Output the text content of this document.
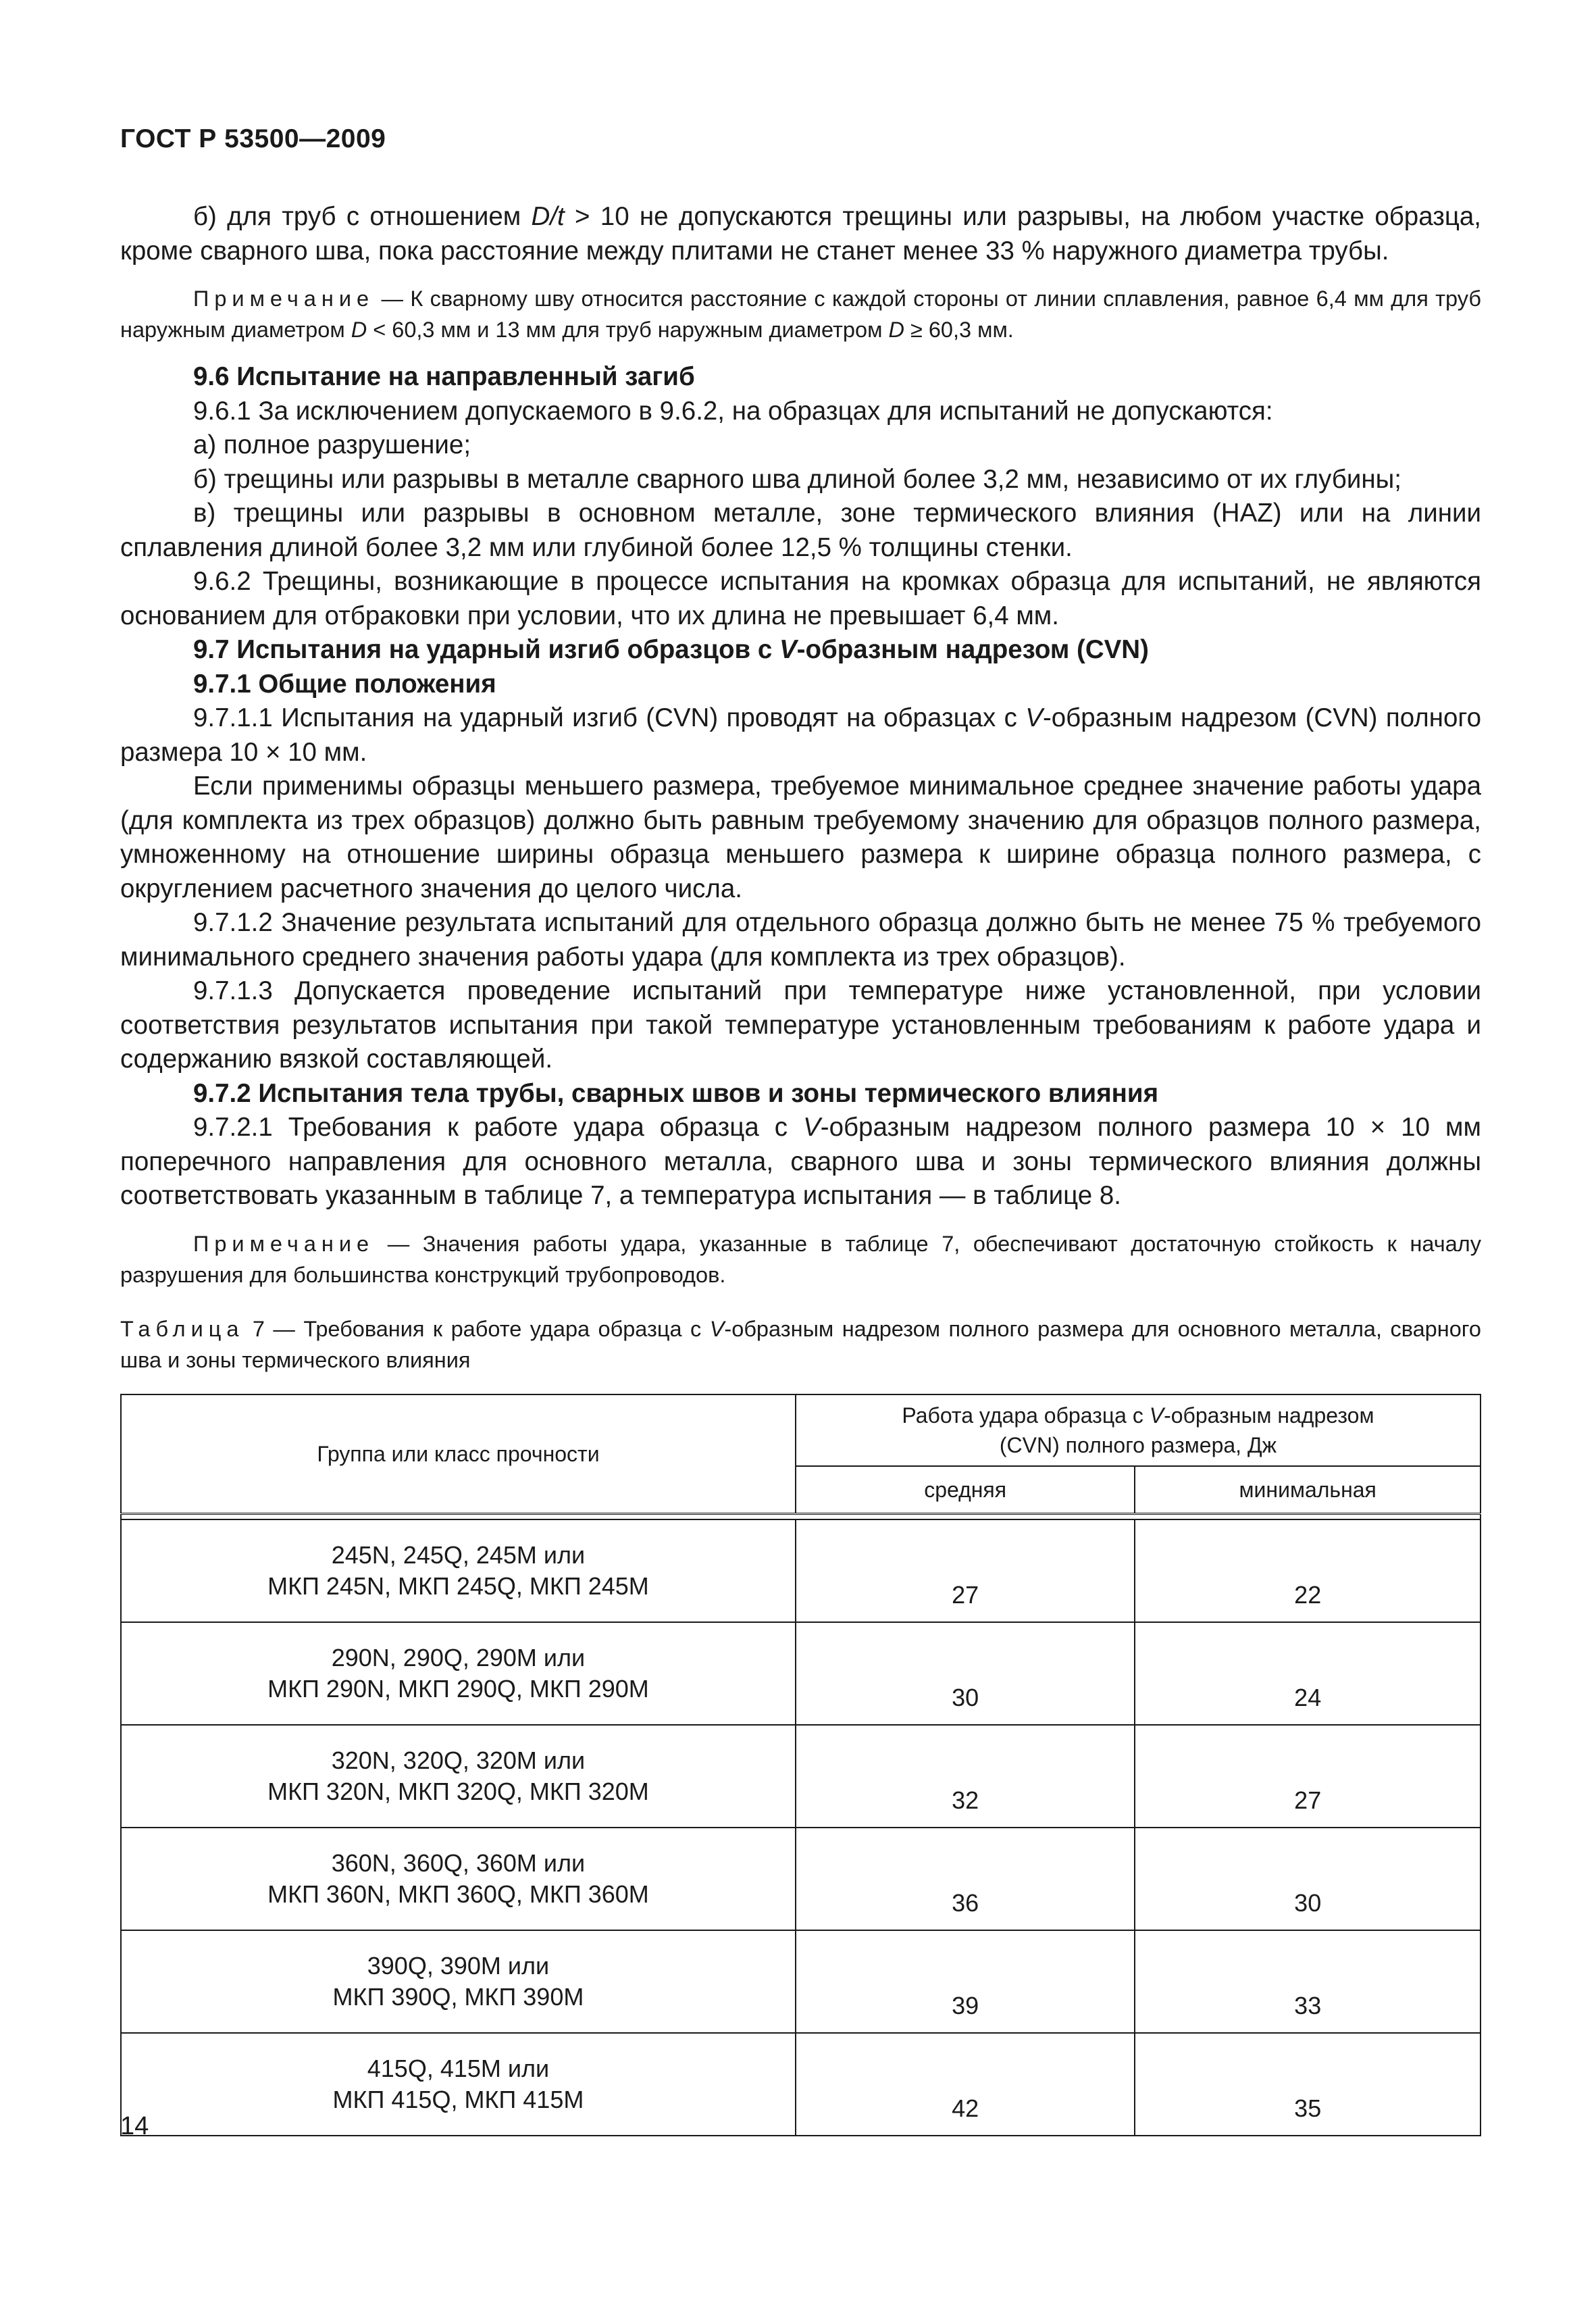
ГОСТ Р 53500—2009

б) для труб с отношением D/t > 10 не допускаются трещины или разрывы, на любом участке образца, кроме сварного шва, пока расстояние между плитами не станет менее 33 % наружного диаметра трубы.

Примечание — К сварному шву относится расстояние с каждой стороны от линии сплавления, равное 6,4 мм для труб наружным диаметром D < 60,3 мм и 13 мм для труб наружным диаметром D ≥ 60,3 мм.

9.6 Испытание на направленный загиб

9.6.1 За исключением допускаемого в 9.6.2, на образцах для испытаний не допускаются:

а) полное разрушение;

б) трещины или разрывы в металле сварного шва длиной более 3,2 мм, независимо от их глубины;

в) трещины или разрывы в основном металле, зоне термического влияния (HAZ) или на линии сплавления длиной более 3,2 мм или глубиной более 12,5 % толщины стенки.

9.6.2 Трещины, возникающие в процессе испытания на кромках образца для испытаний, не являются основанием для отбраковки при условии, что их длина не превышает 6,4 мм.

9.7 Испытания на ударный изгиб образцов с V-образным надрезом (CVN)

9.7.1 Общие положения

9.7.1.1 Испытания на ударный изгиб (CVN) проводят на образцах с V-образным надрезом (CVN) полного размера 10 × 10 мм.

Если применимы образцы меньшего размера, требуемое минимальное среднее значение работы удара (для комплекта из трех образцов) должно быть равным требуемому значению для образцов полного размера, умноженному на отношение ширины образца меньшего размера к ширине образца полного размера, с округлением расчетного значения до целого числа.

9.7.1.2 Значение результата испытаний для отдельного образца должно быть не менее 75 % требуемого минимального среднего значения работы удара (для комплекта из трех образцов).

9.7.1.3 Допускается проведение испытаний при температуре ниже установленной, при условии соответствия результатов испытания при такой температуре установленным требованиям к работе удара и содержанию вязкой составляющей.

9.7.2 Испытания тела трубы, сварных швов и зоны термического влияния

9.7.2.1 Требования к работе удара образца с V-образным надрезом полного размера 10 × 10 мм поперечного направления для основного металла, сварного шва и зоны термического влияния должны соответствовать указанным в таблице 7, а температура испытания — в таблице 8.

Примечание — Значения работы удара, указанные в таблице 7, обеспечивают достаточную стойкость к началу разрушения для большинства конструкций трубопроводов.

Таблица 7 — Требования к работе удара образца с V-образным надрезом полного размера для основного металла, сварного шва и зоны термического влияния
Группа или класс прочности	Работа удара образца с V-образным надрезом
(CVN) полного размера, Дж	
	средняя	минимальная

245N, 245Q, 245M или
МКП 245N, МКП 245Q, МКП 245M	27	22
290N, 290Q, 290M или
МКП 290N, МКП 290Q, МКП 290M	30	24
320N, 320Q, 320M или
МКП 320N, МКП 320Q, МКП 320M	32	27
360N, 360Q, 360M или
МКП 360N, МКП 360Q, МКП 360M	36	30
390Q, 390M или
МКП 390Q, МКП 390M	39	33
415Q, 415M или
МКП 415Q, МКП 415M	42	35
14
